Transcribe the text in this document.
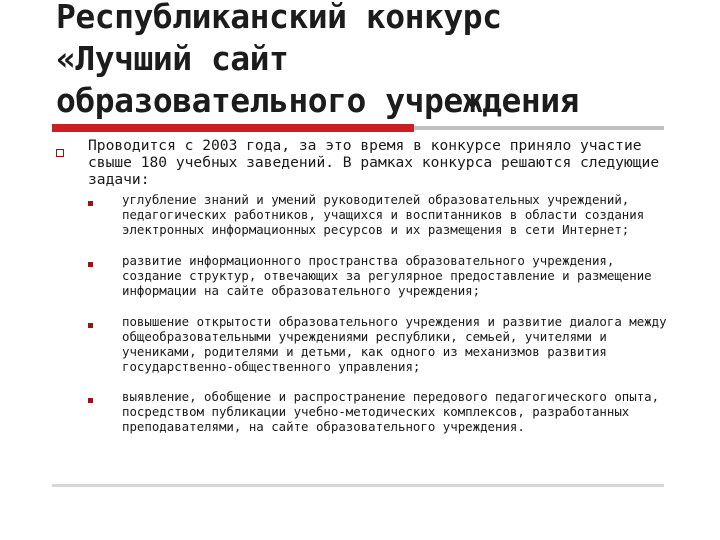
Республиканский конкурс
«Лучший сайт
образовательного учреждения
Проводится с 2003 года, за это время в конкурсе приняло участие свыше 180 учебных заведений. В рамках конкурса решаются следующие задачи:
углубление знаний и умений руководителей образовательных учреждений, педагогических работников, учащихся и воспитанников в области создания электронных информационных ресурсов и их размещения в сети Интернет;
развитие информационного пространства образовательного учреждения, создание структур, отвечающих за регулярное предоставление и размещение информации на сайте образовательного учреждения;
повышение открытости образовательного учреждения и развитие диалога между общеобразовательными учреждениями республики, семьей, учителями и учениками, родителями и детьми, как одного из механизмов развития государственно-общественного управления;
выявление, обобщение и распространение передового педагогического опыта, посредством публикации учебно-методических комплексов, разработанных преподавателями, на сайте образовательного учреждения.
